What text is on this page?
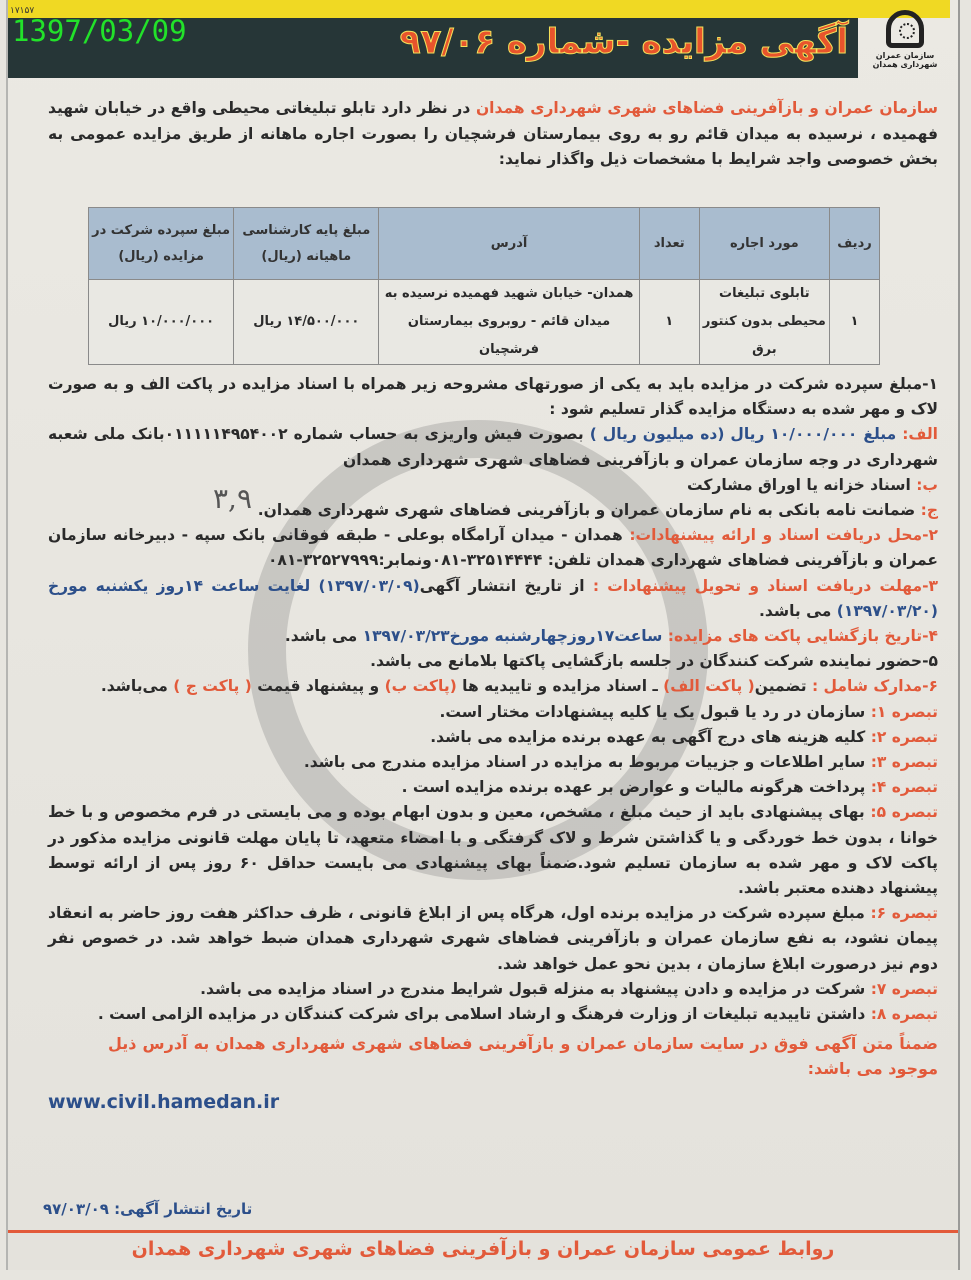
1397/03/09
۱۷۱۵۷
آگهی مزایده -شماره ۹۷/۰۶	سازمان عمران
شهرداری همدان
۳,۹
سازمان عمران و بازآفرینی فضاهای شهری شهرداری همدان در نظر دارد تابلو تبلیغاتی محیطی واقع در خیابان شهید فهمیده ، نرسیده به میدان قائم رو به روی بیمارستان فرشچیان را بصورت اجاره ماهانه از طریق مزایده عمومی به بخش خصوصی واجد شرایط با مشخصات ذیل واگذار نماید:
ردیف	مورد اجاره	تعداد	آدرس	مبلغ پایه کارشناسی ماهیانه (ریال)	مبلغ سپرده شرکت در مزایده (ریال)
۱	تابلوی تبلیغات محیطی بدون کنتور برق	۱	همدان- خیابان شهید فهمیده نرسیده به میدان قائم - روبروی بیمارستان فرشچیان	۱۴/۵۰۰/۰۰۰ ریال	۱۰/۰۰۰/۰۰۰ ریال

۱-مبلغ سپرده شرکت در مزایده باید به یکی از صورتهای مشروحه زیر همراه با اسناد مزایده در پاکت الف و به صورت لاک و مهر شده به دستگاه مزایده گذار تسلیم شود :

الف: مبلغ ۱۰/۰۰۰/۰۰۰ ریال (ده میلیون ریال ) بصورت فیش واریزی به حساب شماره ۰۱۱۱۱۱۴۹۵۴۰۰۲بانک ملی شعبه شهرداری در وجه سازمان عمران و بازآفرینی فضاهای شهری شهرداری همدان

ب: اسناد خزانه یا اوراق مشارکت

ج: ضمانت نامه بانکی به نام سازمان عمران و بازآفرینی فضاهای شهری شهرداری همدان.

۲-محل دریافت اسناد و ارائه پیشنهادات: همدان - میدان آرامگاه بوعلی - طبقه فوقانی بانک سپه - دبیرخانه سازمان عمران و بازآفرینی فضاهای شهرداری همدان تلفن: ۳۲۵۱۴۴۴۴-۰۸۱ونمابر:۳۲۵۲۷۹۹۹-۰۸۱

۳-مهلت دریافت اسناد و تحویل پیشنهادات : از تاریخ انتشار آگهی(۱۳۹۷/۰۳/۰۹) لغایت ساعت ۱۴روز یکشنبه مورخ (۱۳۹۷/۰۳/۲۰) می باشد.

۴-تاریخ بازگشایی پاکت های مزایده: ساعت۱۷روزچهارشنبه مورخ۱۳۹۷/۰۳/۲۳ می باشد.

۵-حضور نماینده شرکت کنندگان در جلسه بازگشایی پاکتها بلامانع می باشد.

۶-مدارک شامل : تضمین( پاکت الف) ـ اسناد مزایده و تاییدیه ها (پاکت ب) و پیشنهاد قیمت ( پاکت ج ) می‌باشد.

تبصره ۱: سازمان در رد یا قبول یک یا کلیه پیشنهادات مختار است.

تبصره ۲: کلیه هزینه های درج آگهی به عهده برنده مزایده می باشد.

تبصره ۳: سایر اطلاعات و جزییات مربوط به مزایده در اسناد مزایده مندرج می باشد.

تبصره ۴: پرداخت هرگونه مالیات و عوارض بر عهده برنده مزایده است .

تبصره ۵: بهای پیشنهادی باید از حیث مبلغ ، مشخص، معین و بدون ابهام بوده و می بایستی در فرم مخصوص و با خط خوانا ، بدون خط خوردگی و یا گذاشتن شرط و لاک گرفتگی و با امضاء متعهد، تا پایان مهلت قانونی مزایده مذکور در پاکت لاک و مهر شده به سازمان تسلیم شود.ضمناً بهای پیشنهادی می بایست حداقل ۶۰ روز پس از ارائه توسط پیشنهاد دهنده معتبر باشد.

تبصره ۶: مبلغ سپرده شرکت در مزایده برنده اول، هرگاه پس از ابلاغ قانونی ، ظرف حداکثر هفت روز حاضر به انعقاد پیمان نشود، به نفع سازمان عمران و بازآفرینی فضاهای شهری شهرداری همدان ضبط خواهد شد. در خصوص نفر دوم نیز درصورت ابلاغ سازمان ، بدین نحو عمل خواهد شد.

تبصره ۷: شرکت در مزایده و دادن پیشنهاد به منزله قبول شرایط مندرج در اسناد مزایده می باشد.

تبصره ۸: داشتن تاییدیه تبلیغات از وزارت فرهنگ و ارشاد اسلامی برای شرکت کنندگان در مزایده الزامی است .

ضمناً متن آگهی فوق در سایت سازمان عمران و بازآفرینی فضاهای شهری شهرداری همدان به آدرس ذیل موجود می باشد:

www.civil.hamedan.ir

تاریخ انتشار آگهی: ۹۷/۰۳/۰۹
روابط عمومی سازمان عمران و بازآفرینی فضاهای شهری شهرداری همدان
